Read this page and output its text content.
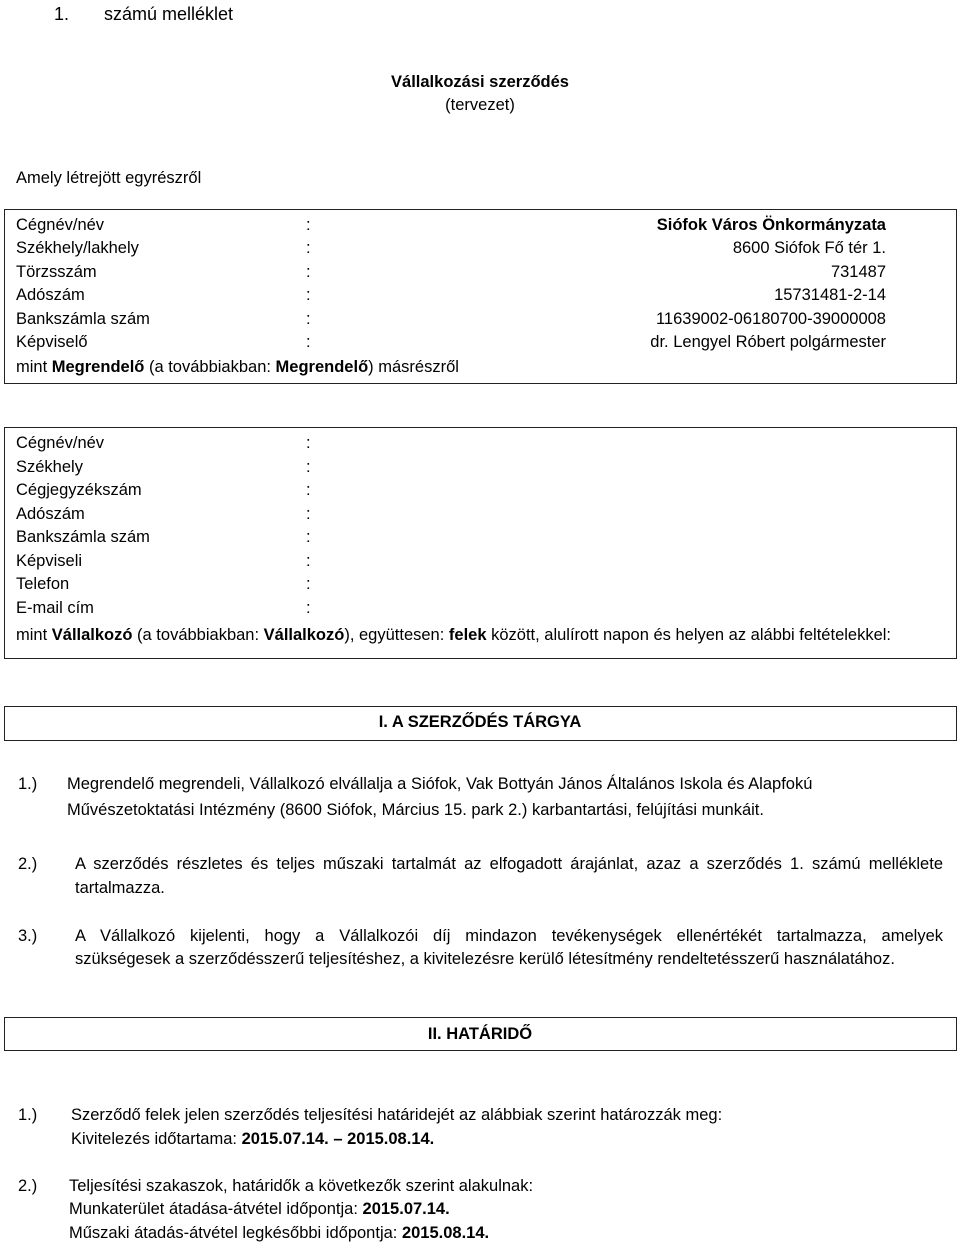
1. számú melléklet
Vállalkozási szerződés
(tervezet)
Amely létrejött egyrészről
Cégnév/név	:	Siófok Város Önkormányzata
Székhely/lakhely	:	8600 Siófok Fő tér 1.
Törzsszám	:	731487
Adószám	:	15731481-2-14
Bankszámla szám	:	11639002-06180700-39000008
Képviselő	:	dr. Lengyel Róbert polgármester
mint Megrendelő (a továbbiakban: Megrendelő) másrészről
Cégnév/név	:
Székhely	:
Cégjegyzékszám	:
Adószám	:
Bankszámla szám	:
Képviseli	:
Telefon	:
E-mail cím	:
mint Vállalkozó (a továbbiakban: Vállalkozó), együttesen: felek között, alulírott napon és helyen az alábbi feltételekkel:
I. A SZERZŐDÉS TÁRGYA
1.) Megrendelő megrendeli, Vállalkozó elvállalja a Siófok, Vak Bottyán János Általános Iskola és Alapfokú
Művészetoktatási Intézmény (8600 Siófok, Március 15. park 2.) karbantartási, felújítási munkáit.
2.) A szerződés részletes és teljes műszaki tartalmát az elfogadott árajánlat, azaz a szerződés 1. számú melléklete
tartalmazza.
3.) A Vállalkozó kijelenti, hogy a Vállalkozói díj mindazon tevékenységek ellenértékét tartalmazza, amelyek
szükségesek a szerződésszerű teljesítéshez, a kivitelezésre kerülő létesítmény rendeltetésszerű használatához.
II. HATÁRIDŐ
1.) Szerződő felek jelen szerződés teljesítési határidejét az alábbiak szerint határozzák meg:
Kivitelezés időtartama: 2015.07.14. – 2015.08.14.
2.) Teljesítési szakaszok, határidők a következők szerint alakulnak:
Munkaterület átadása-átvétel időpontja: 2015.07.14.
Műszaki átadás-átvétel legkésőbbi időpontja: 2015.08.14.
